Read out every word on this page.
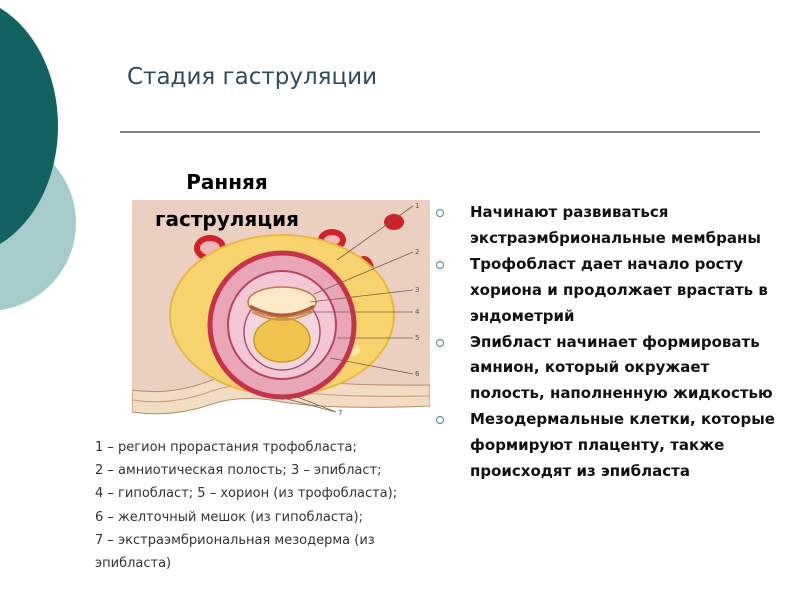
Стадия гаструляции
Ранняя гаструляция
1
2
3
4
5
6
7
1 – регион прорастания трофобласта;
2 – амниотическая полость; 3 – эпибласт;
4 – гипобласт; 5 – хорион (из трофобласта);
6 – желточный мешок (из гипобласта);
7 – экстраэмбриональная мезодерма (из
эпибласта)
Начинают развиваться экстраэмбриональные мембраны
Трофобласт дает начало росту хориона и продолжает врастать в эндометрий
Эпибласт начинает формировать амнион, который окружает полость, наполненную жидкостью
Мезодермальные клетки, которые формируют плаценту, также происходят из эпибласта
